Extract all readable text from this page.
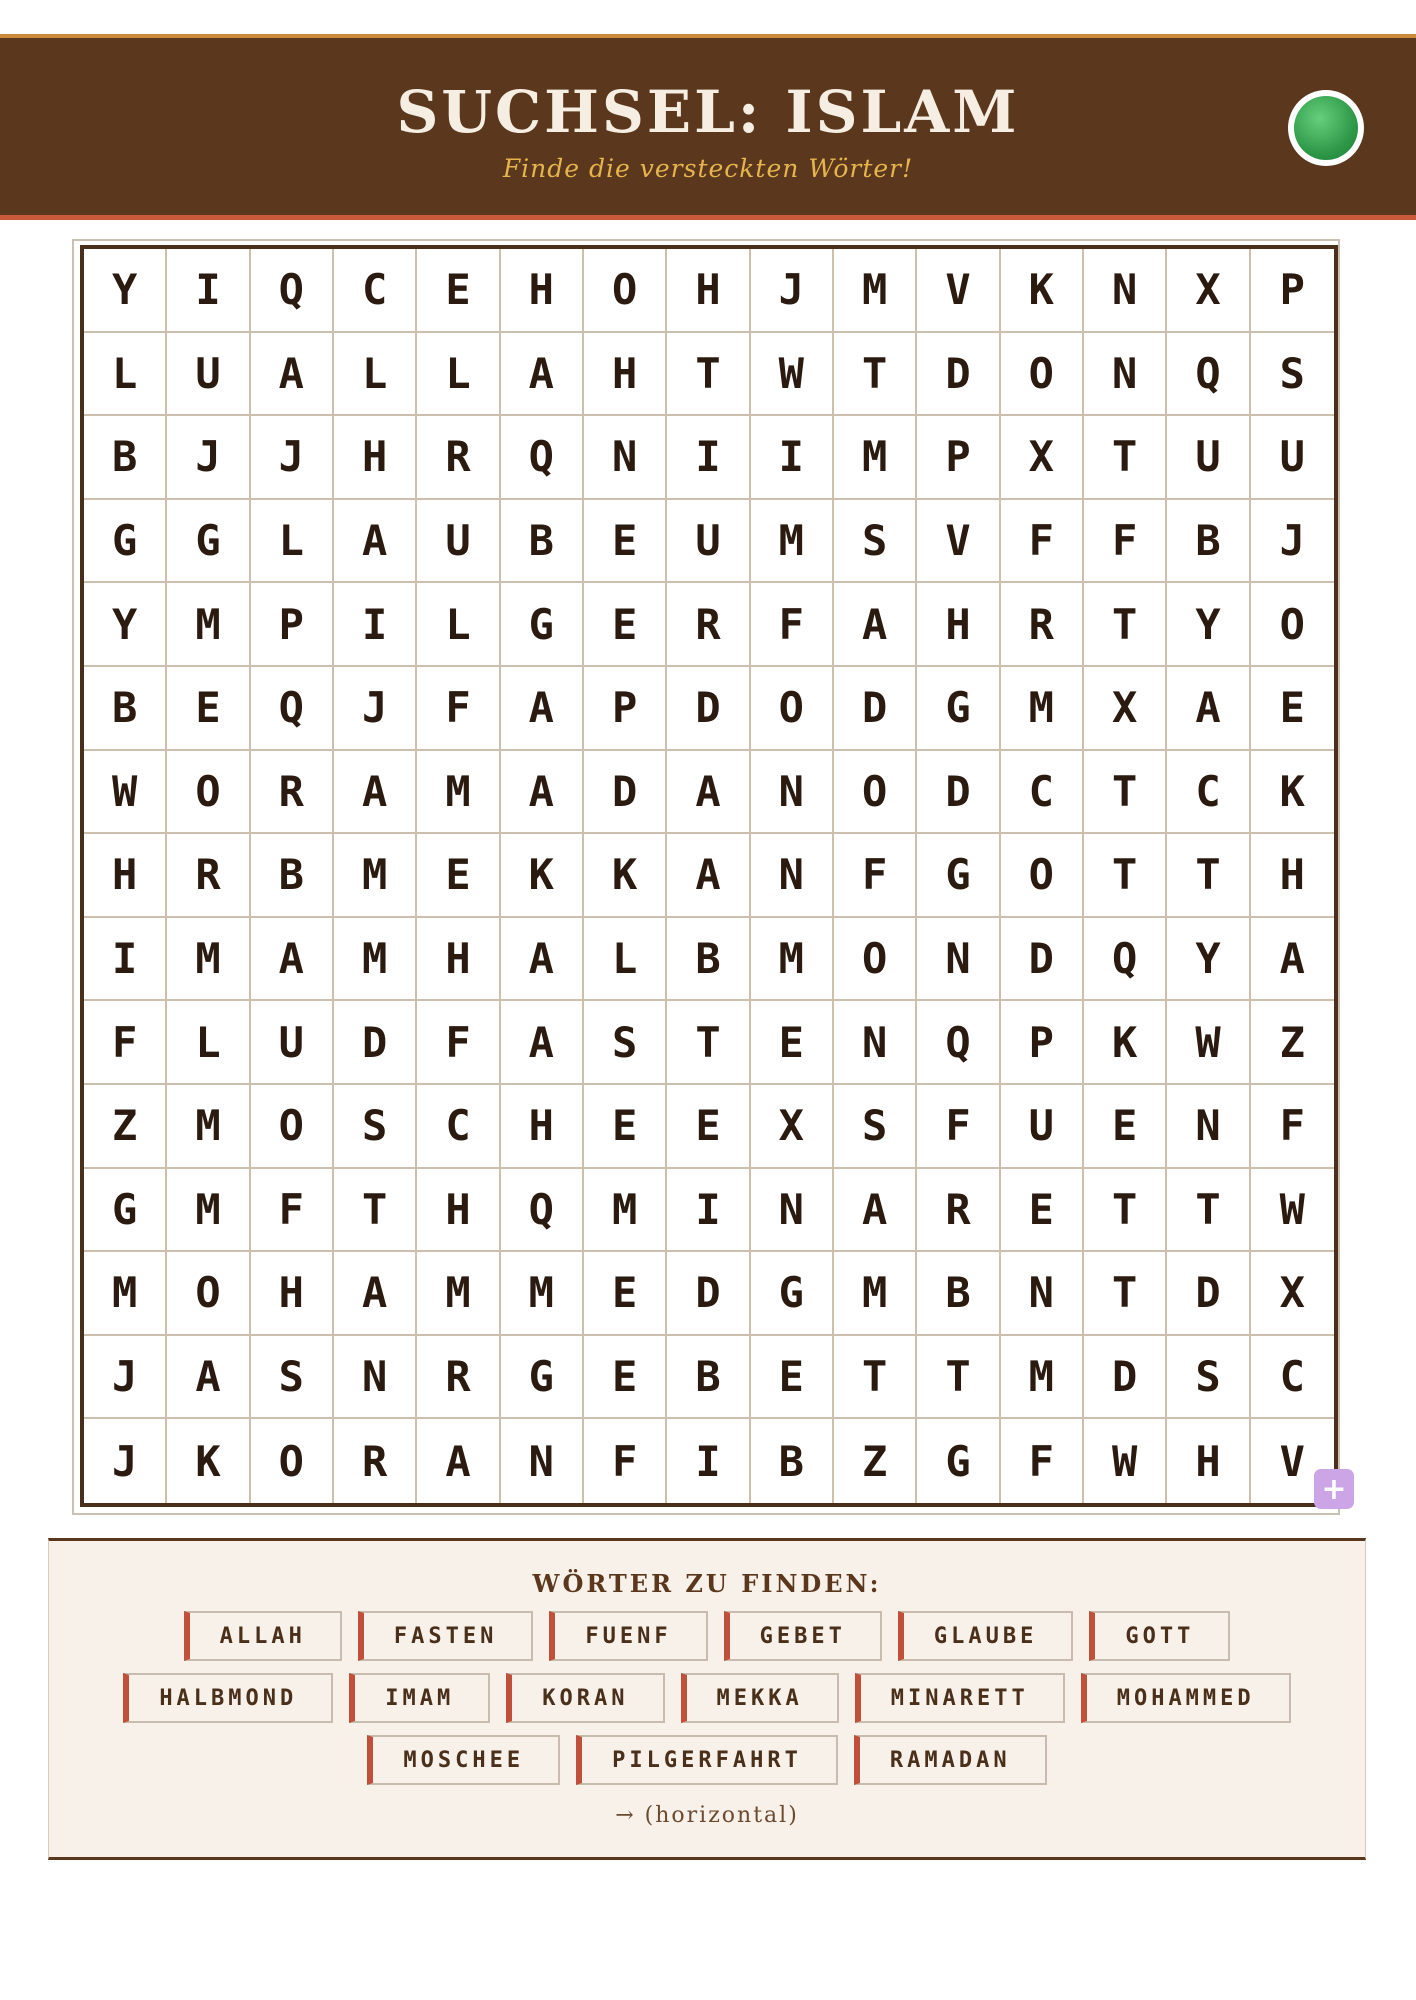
SUCHSEL: ISLAM
Finde die versteckten Wörter!
Y	I	Q	C	E	H	O	H	J	M	V	K	N	X	P
L	U	A	L	L	A	H	T	W	T	D	O	N	Q	S
B	J	J	H	R	Q	N	I	I	M	P	X	T	U	U
G	G	L	A	U	B	E	U	M	S	V	F	F	B	J
Y	M	P	I	L	G	E	R	F	A	H	R	T	Y	O
B	E	Q	J	F	A	P	D	O	D	G	M	X	A	E
W	O	R	A	M	A	D	A	N	O	D	C	T	C	K
H	R	B	M	E	K	K	A	N	F	G	O	T	T	H
I	M	A	M	H	A	L	B	M	O	N	D	Q	Y	A
F	L	U	D	F	A	S	T	E	N	Q	P	K	W	Z
Z	M	O	S	C	H	E	E	X	S	F	U	E	N	F
G	M	F	T	H	Q	M	I	N	A	R	E	T	T	W
M	O	H	A	M	M	E	D	G	M	B	N	T	D	X
J	A	S	N	R	G	E	B	E	T	T	M	D	S	C
J	K	O	R	A	N	F	I	B	Z	G	F	W	H	V
+
WÖRTER ZU FINDEN:
ALLAH	FASTEN	FUENF	GEBET	GLAUBE	GOTT
HALBMOND	IMAM	KORAN	MEKKA	MINARETT	MOHAMMED
MOSCHEE	PILGERFAHRT	RAMADAN
→ (horizontal)
